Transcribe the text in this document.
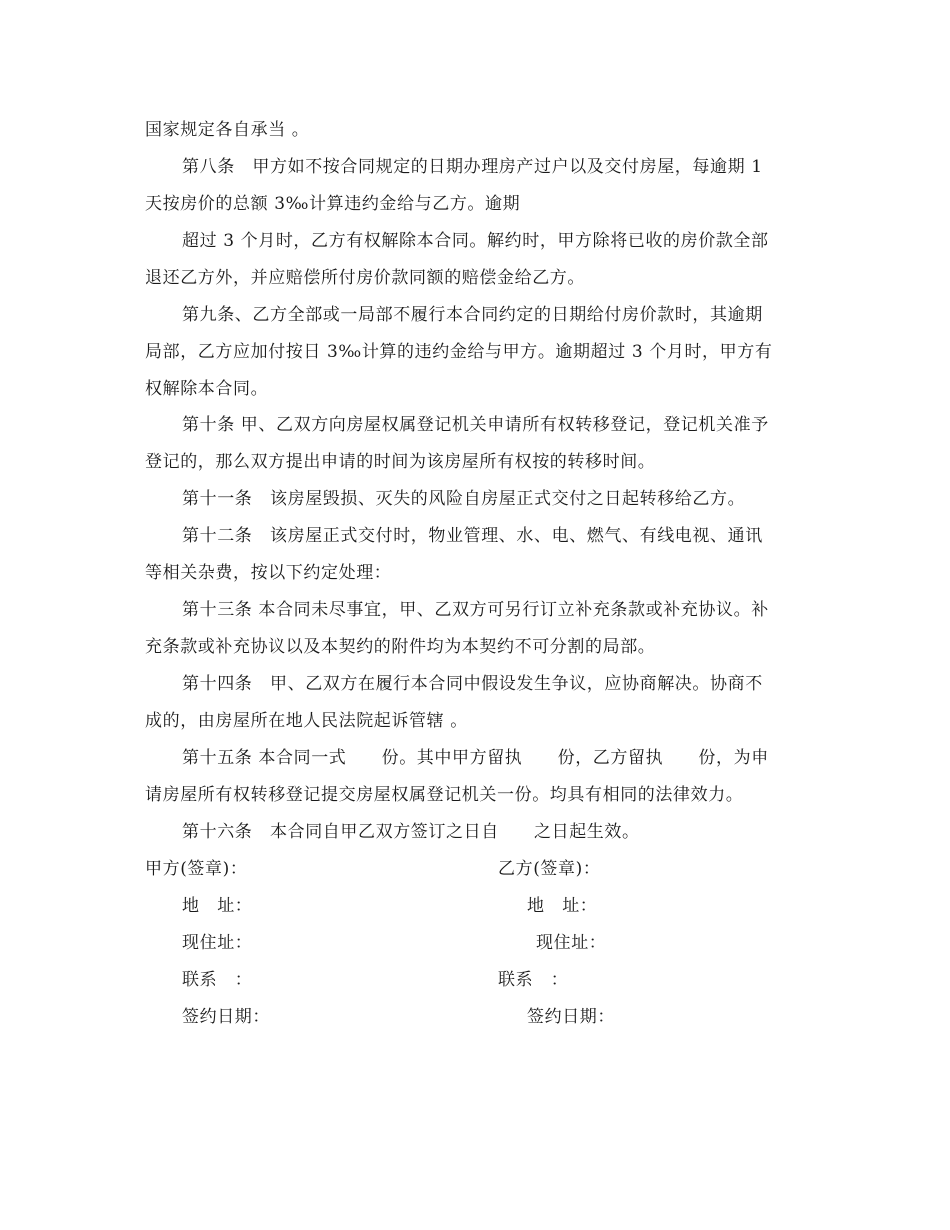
国家规定各自承当 。
第八条　甲方如不按合同规定的日期办理房产过户以及交付房屋，每逾期 1
天按房价的总额 3‰计算违约金给与乙方。逾期
超过 3 个月时，乙方有权解除本合同。解约时，甲方除将已收的房价款全部
退还乙方外，并应赔偿所付房价款同额的赔偿金给乙方。
第九条、乙方全部或一局部不履行本合同约定的日期给付房价款时，其逾期
局部，乙方应加付按日 3‰计算的违约金给与甲方。逾期超过 3 个月时，甲方有
权解除本合同。
第十条 甲、乙双方向房屋权属登记机关申请所有权转移登记，登记机关准予
登记的，那么双方提出申请的时间为该房屋所有权按的转移时间。
第十一条　该房屋毁损、灭失的风险自房屋正式交付之日起转移给乙方。
第十二条　该房屋正式交付时，物业管理、水、电、燃气、有线电视、通讯
等相关杂费，按以下约定处理：
第十三条 本合同未尽事宜，甲、乙双方可另行订立补充条款或补充协议。补
充条款或补充协议以及本契约的附件均为本契约不可分割的局部。
第十四条　甲、乙双方在履行本合同中假设发生争议，应协商解决。协商不
成的，由房屋所在地人民法院起诉管辖 。
第十五条 本合同一式　　份。其中甲方留执　　份，乙方留执　　份，为申
请房屋所有权转移登记提交房屋权属登记机关一份。均具有相同的法律效力。
第十六条　本合同自甲乙双方签订之日自　　之日起生效。
甲方(签章)：
地　址：
现住址：
联系　：
签约日期：
乙方(签章)：
地　址：
现住址：
联系　：
签约日期：
